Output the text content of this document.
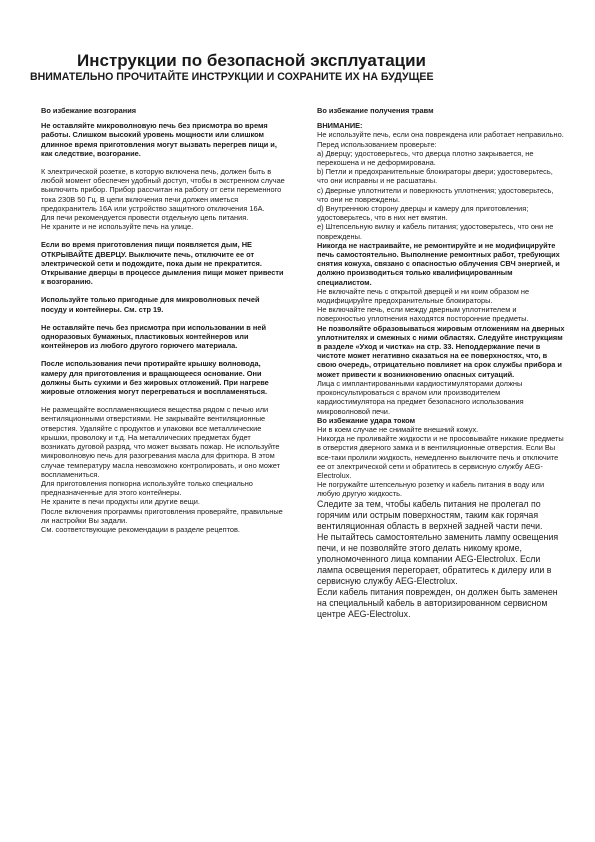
Инструкции по безопасной эксплуатации
ВНИМАТЕЛЬНО ПРОЧИТАЙТЕ ИНСТРУКЦИИ И СОХРАНИТЕ ИХ НА БУДУЩЕЕ

Во избежание возгорания

Не оставляйте микроволновую печь без присмотра во время работы. Слишком высокий уровень мощности или слишком длинное время приготовления могут вызвать перегрев пищи и, как следствие, возгорание.

К электрической розетке, в которую включена печь, должен быть в любой момент обеспечен удобный доступ, чтобы в экстренном случае выключить прибор. Прибор рассчитан на работу от сети переменного тока 230В 50 Гц. В цепи включения печи должен иметься предохранитель 16А или устройство защитного отключения 16А.

Для печи рекомендуется провести отдельную цепь питания.

Не храните и не используйте печь на улице.

Если во время приготовления пищи появляется дым, НЕ ОТКРЫВАЙТЕ ДВЕРЦУ. Выключите печь, отключите ее от электрической сети и подождите, пока дым не прекратится. Открывание дверцы в процессе дымления пищи может привести к возгоранию.

Используйте только пригодные для микроволновых печей посуду и контейнеры. См. стр 19.

Не оставляйте печь без присмотра при использовании в ней одноразовых бумажных, пластиковых контейнеров или контейнеров из любого другого горючего материала.

После использования печи протирайте крышку волновода, камеру для приготовления и вращающееся основание. Они должны быть сухими и без жировых отложений. При нагреве жировые отложения могут перегреваться и воспламеняться.

Не размещайте воспламеняющиеся вещества рядом с печью или вентиляционными отверстиями. Не закрывайте вентиляционные отверстия. Удаляйте с продуктов и упаковки все металлические крышки, проволоку и т.д. На металлических предметах будет возникать дуговой разряд, что может вызвать пожар. Не используйте микроволновую печь для разогревания масла для фритюра. В этом случае температуру масла невозможно контролировать, и оно может воспламениться.

Для приготовления попкорна используйте только специально предназначенные для этого контейнеры.

Не храните в печи продукты или другие вещи.

После включения программы приготовления проверяйте, правильные ли настройки Вы задали.

См. соответствующие рекомендации в разделе рецептов.

Во избежание получения травм

ВНИМАНИЕ:

Не используйте печь, если она повреждена или работает неправильно. Перед использованием проверьте:

a) Дверцу; удостоверьтесь, что дверца плотно закрывается, не перекошена и не деформирована.

b) Петли и предохранительные блокираторы двери; удостоверьтесь, что они исправны и не расшатаны.

c) Дверные уплотнители и поверхность уплотнения; удостоверьтесь, что они не повреждены.

d) Внутреннюю сторону дверцы и камеру для приготовления; удостоверьтесь, что в них нет вмятин.

e) Штепсельную вилку и кабель питания; удостоверьтесь, что они не повреждены.

Никогда не настраивайте, не ремонтируйте и не модифицируйте печь самостоятельно. Выполнение ремонтных работ, требующих снятия кожуха, связано с опасностью облучения СВЧ энергией, и должно производиться только квалифицированным специалистом.

Не включайте печь с открытой дверцей и ни коим образом не модифицируйте предохранительные блокираторы.

Не включайте печь, если между дверным уплотнителем и поверхностью уплотнения находятся посторонние предметы.

Не позволяйте образовываться жировым отложениям на дверных уплотнителях и смежных с ними областях. Следуйте инструкциям в разделе «Уход и чистка» на стр. 33. Неподдержание печи в чистоте может негативно сказаться на ее поверхностях, что, в свою очередь, отрицательно повлияет на срок службы прибора и может привести к возникновению опасных ситуаций.

Лица с имплантированными кардиостимуляторами должны проконсультироваться с врачом или производителем кардиостимулятора на предмет безопасного использования микроволновой печи.

Во избежание удара током

Ни в коем случае не снимайте внешний кожух.

Никогда не проливайте жидкости и не просовывайте никакие предметы в отверстия дверного замка и в вентиляционные отверстия. Если Вы все-таки пролили жидкость, немедленно выключите печь и отключите ее от электрической сети и обратитесь в сервисную службу AEG-Electrolux.

Не погружайте штепсельную розетку и кабель питания в воду или любую другую жидкость.

Следите за тем, чтобы кабель питания не пролегал по горячим или острым поверхностям, таким как горячая вентиляционная область в верхней задней части печи.

Не пытайтесь самостоятельно заменить лампу освещения печи, и не позволяйте этого делать никому кроме, уполномоченного лица компании AEG-Electrolux. Если лампа освещения перегорает, обратитесь к дилеру или в сервисную службу AEG-Electrolux.

Если кабель питания поврежден, он должен быть заменен на специальный кабель в авторизированном сервисном центре AEG-Electrolux.
